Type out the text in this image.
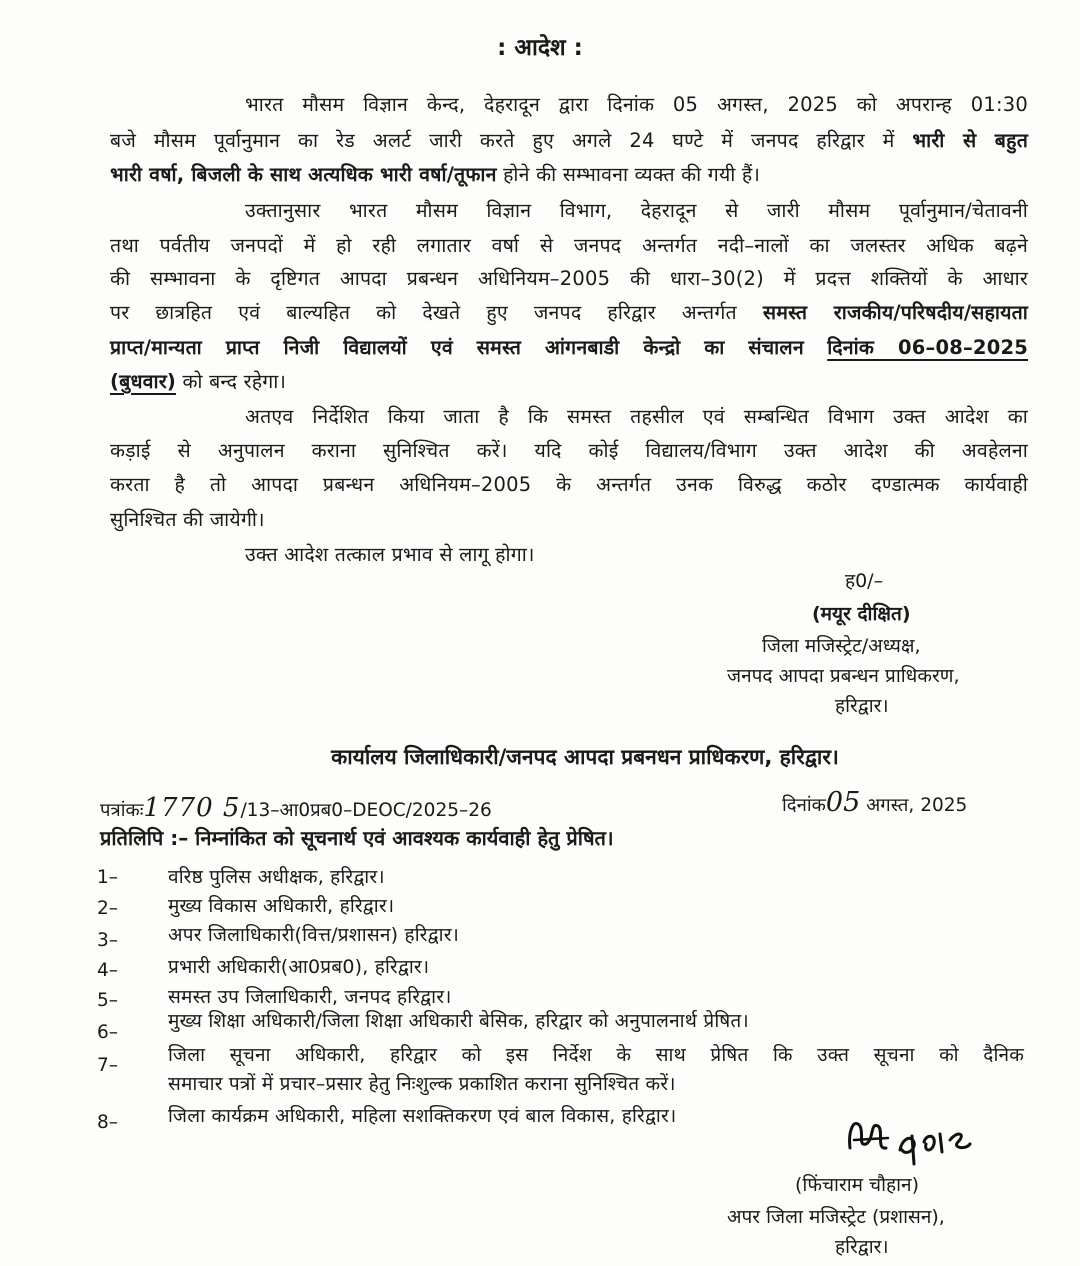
: आदेश :
भारत मौसम विज्ञान केन्द, देहरादून द्वारा दिनांक 05 अगस्त, 2025 को अपरान्ह 01:30
बजे मौसम पूर्वानुमान का रेड अलर्ट जारी करते हुए अगले 24 घण्टे में जनपद हरिद्वार में भारी से बहुत
भारी वर्षा, बिजली के साथ अत्यधिक भारी वर्षा/तूफान होने की सम्भावना व्यक्त की गयी हैं।
उक्तानुसार भारत मौसम विज्ञान विभाग, देहरादून से जारी मौसम पूर्वानुमान/चेतावनी
तथा पर्वतीय जनपदों में हो रही लगातार वर्षा से जनपद अन्तर्गत नदी–नालों का जलस्तर अधिक बढ़ने
की सम्भावना के दृष्टिगत आपदा प्रबन्धन अधिनियम–2005 की धारा–30(2) में प्रदत्त शक्तियों के आधार
पर छात्रहित एवं बाल्यहित को देखते हुए जनपद हरिद्वार अन्तर्गत समस्त राजकीय/परिषदीय/सहायता
प्राप्त/मान्यता प्राप्त निजी विद्यालयों एवं समस्त आंगनबाडी केन्द्रो का संचालन दिनांक 06–08–2025
(बुधवार) को बन्द रहेगा।
अतएव निर्देशित किया जाता है कि समस्त तहसील एवं सम्बन्धित विभाग उक्त आदेश का
कड़ाई से अनुपालन कराना सुनिश्चित करें। यदि कोई विद्यालय/विभाग उक्त आदेश की अवहेलना
करता है तो आपदा प्रबन्धन अधिनियम–2005 के अन्तर्गत उनक विरुद्ध कठोर दण्डात्मक कार्यवाही
सुनिश्चित की जायेगी।
उक्त आदेश तत्काल प्रभाव से लागू होगा।
ह0/–
(मयूर दीक्षित)
जिला मजिस्ट्रेट/अध्यक्ष,
जनपद आपदा प्रबन्धन प्राधिकरण,
हरिद्वार।
कार्यालय जिलाधिकारी/जनपद आपदा प्रबनधन प्राधिकरण, हरिद्वार।
पत्रांकः1770 5/13–आ0प्रब0–DEOC/2025–26	दिनांक05 अगस्त, 2025
प्रतिलिपि :– निम्नांकित को सूचनार्थ एवं आवश्यक कार्यवाही हेतु प्रेषित।
1–	वरिष्ठ पुलिस अधीक्षक, हरिद्वार।
2–	मुख्य विकास अधिकारी, हरिद्वार।
3–	अपर जिलाधिकारी(वित्त/प्रशासन) हरिद्वार।
4–	प्रभारी अधिकारी(आ0प्रब0), हरिद्वार।
5–	समस्त उप जिलाधिकारी, जनपद हरिद्वार।
6–
मुख्य शिक्षा अधिकारी/जिला शिक्षा अधिकारी बेसिक, हरिद्वार को अनुपालनार्थ प्रेषित।
7–	जिला सूचना अधिकारी, हरिद्वार को इस निर्देश के साथ प्रेषित कि उक्त सूचना को दैनिक
समाचार पत्रों में प्रचार–प्रसार हेतु निःशुल्क प्रकाशित कराना सुनिश्चित करें।
8–	जिला कार्यक्रम अधिकारी, महिला सशक्तिकरण एवं बाल विकास, हरिद्वार।
(फिंचाराम चौहान)
अपर जिला मजिस्ट्रेट (प्रशासन),
हरिद्वार।
